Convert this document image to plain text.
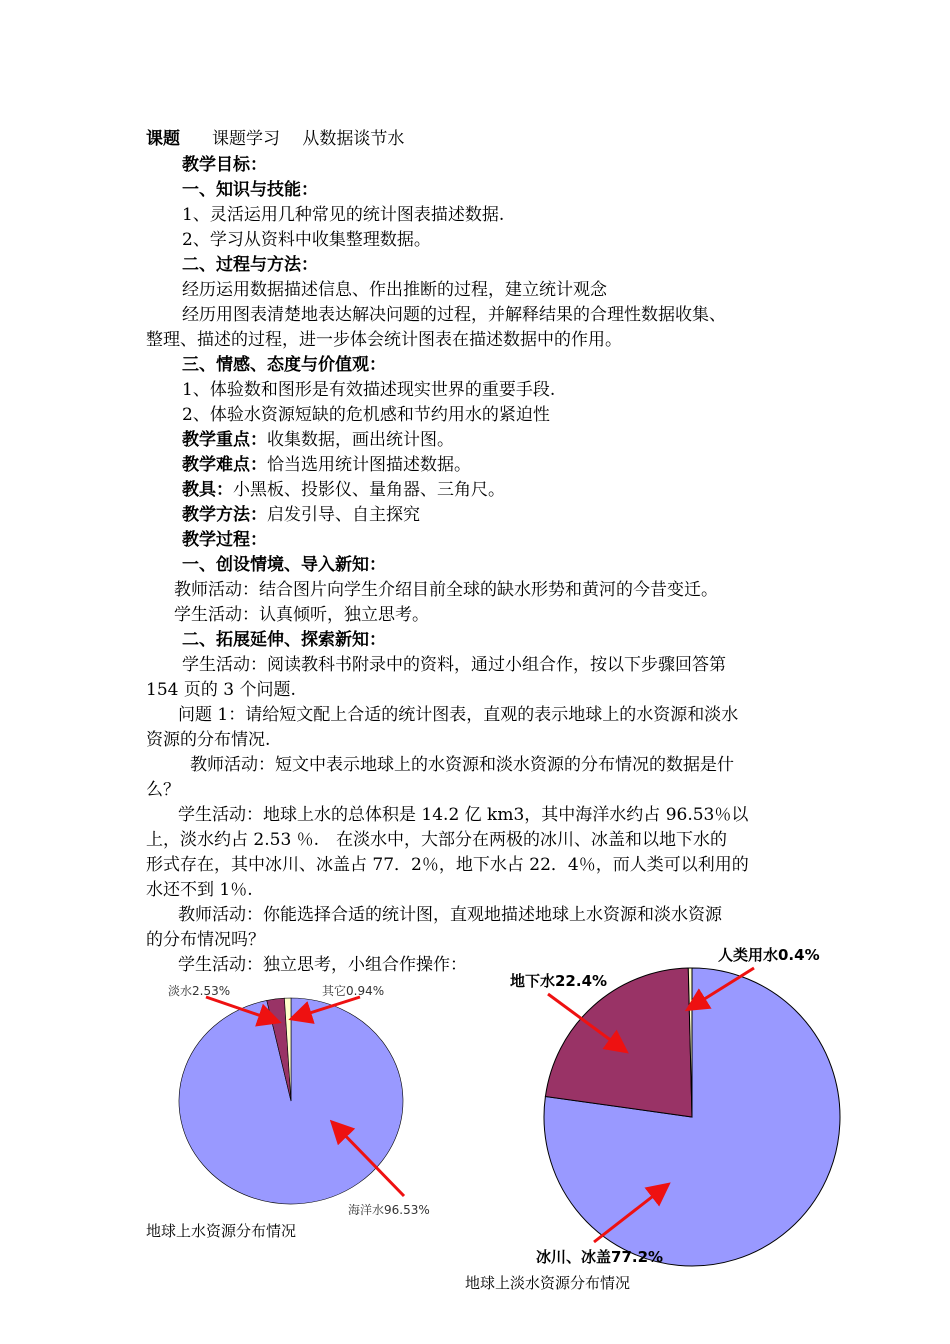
课题 课题学习　 从数据谈节水
教学目标：
一、知识与技能：
1、灵活运用几种常见的统计图表描述数据.
2、学习从资料中收集整理数据。
二、过程与方法：
经历运用数据描述信息、作出推断的过程，建立统计观念
经历用图表清楚地表达解决问题的过程，并解释结果的合理性数据收集、
整理、描述的过程，进一步体会统计图表在描述数据中的作用。
三、情感、态度与价值观：
1、体验数和图形是有效描述现实世界的重要手段.
2、体验水资源短缺的危机感和节约用水的紧迫性
教学重点：收集数据，画出统计图。
教学难点：恰当选用统计图描述数据。
教具：小黑板、投影仪、量角器、三角尺。
教学方法：启发引导、自主探究
教学过程：
一、创设情境、导入新知：
教师活动：结合图片向学生介绍目前全球的缺水形势和黄河的今昔变迁。
学生活动：认真倾听，独立思考。
二、拓展延伸、探索新知：
学生活动：阅读教科书附录中的资料，通过小组合作，按以下步骤回答第
154 页的 3 个问题.
问题 1：请给短文配上合适的统计图表，直观的表示地球上的水资源和淡水
资源的分布情况.
教师活动：短文中表示地球上的水资源和淡水资源的分布情况的数据是什
么？
学生活动：地球上水的总体积是 14.2 亿 km3，其中海洋水约占 96.53％以
上，淡水约占 2.53 ％.　在淡水中，大部分在两极的冰川、冰盖和以地下水的
形式存在，其中冰川、冰盖占 77．2％，地下水占 22．4％，而人类可以利用的
水还不到 1％.
教师活动：你能选择合适的统计图，直观地描述地球上水资源和淡水资源
的分布情况吗？
学生活动：独立思考，小组合作操作：
淡水2.53%	其它0.94%
海洋水96.53%
人类用水0.4%
地下水22.4%
冰川、冰盖77.2%
地球上水资源分布情况
地球上淡水资源分布情况
